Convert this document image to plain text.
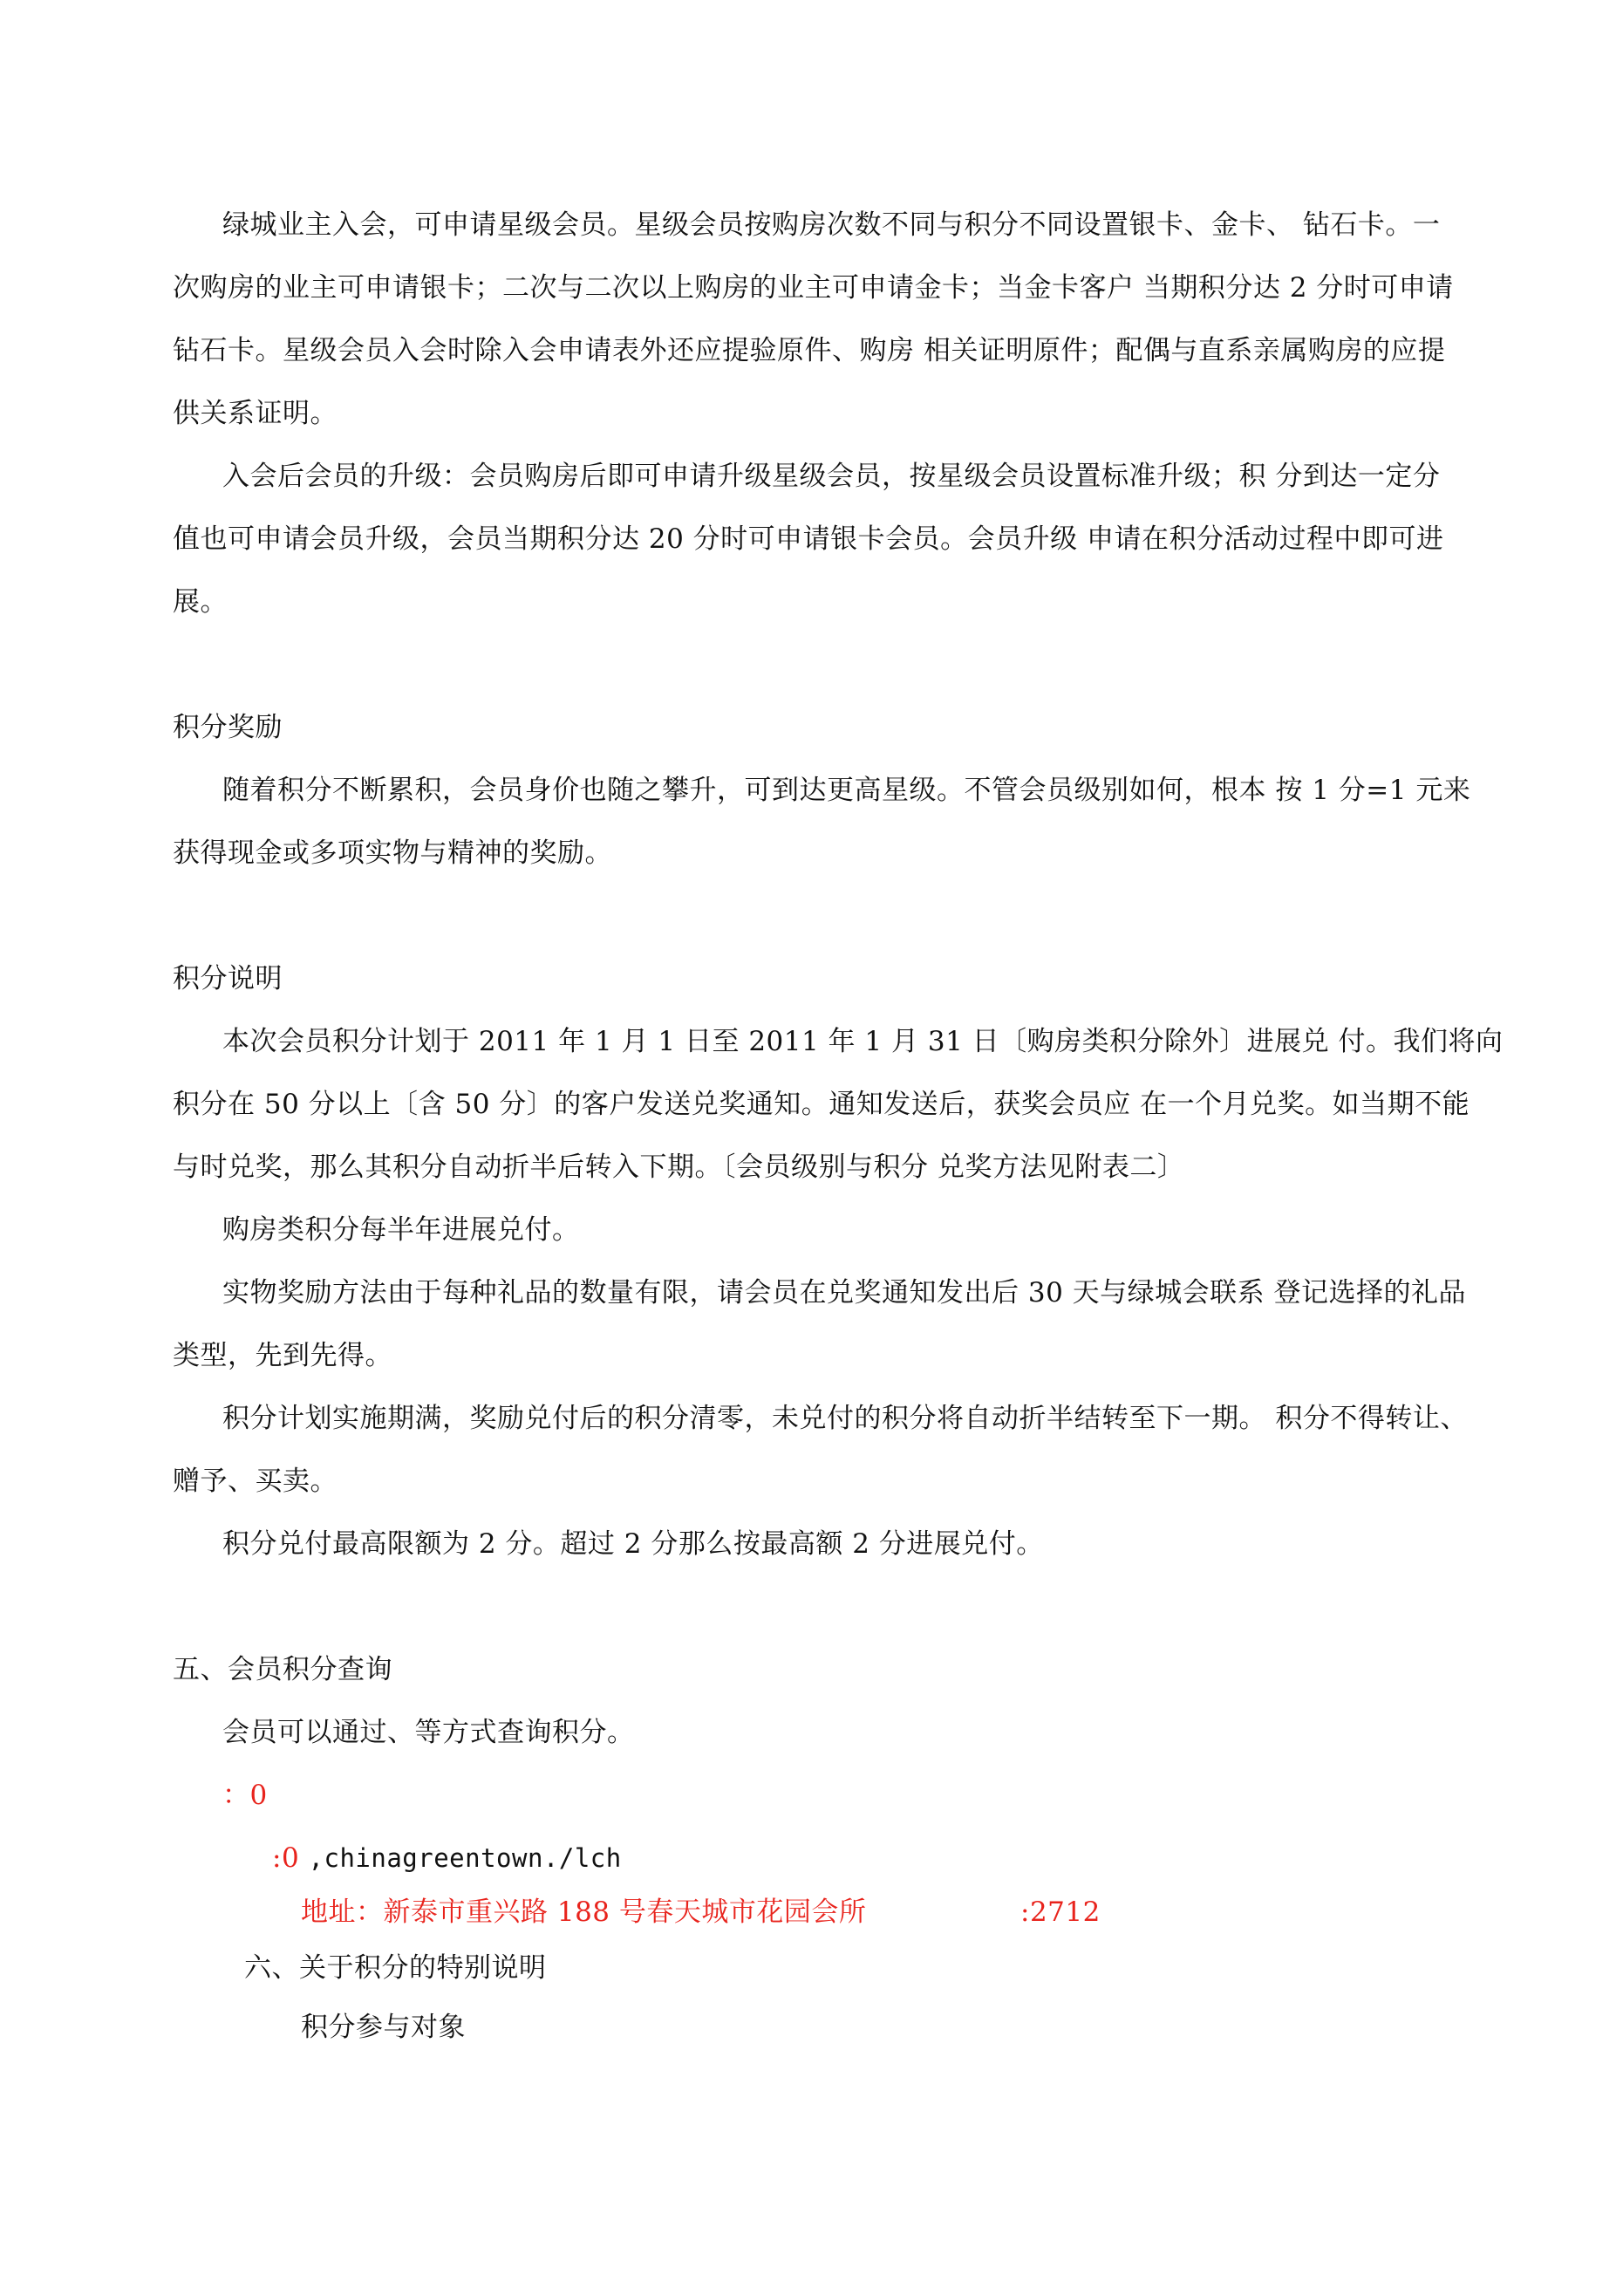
绿城业主入会，可申请星级会员。星级会员按购房次数不同与积分不同设置银卡、金卡、 钻石卡。一
次购房的业主可申请银卡；二次与二次以上购房的业主可申请金卡；当金卡客户 当期积分达 2 分时可申请
钻石卡。星级会员入会时除入会申请表外还应提验原件、购房 相关证明原件；配偶与直系亲属购房的应提
供关系证明。
入会后会员的升级：会员购房后即可申请升级星级会员，按星级会员设置标准升级；积 分到达一定分
值也可申请会员升级，会员当期积分达 20 分时可申请银卡会员。会员升级 申请在积分活动过程中即可进
展。
积分奖励
随着积分不断累积，会员身价也随之攀升，可到达更高星级。不管会员级别如何，根本 按 1 分=1 元来
获得现金或多项实物与精神的奖励。
积分说明
本次会员积分计划于 2011 年 1 月 1 日至 2011 年 1 月 31 日〔购房类积分除外〕进展兑 付。我们将向
积分在 50 分以上〔含 50 分〕的客户发送兑奖通知。通知发送后，获奖会员应 在一个月兑奖。如当期不能
与时兑奖，那么其积分自动折半后转入下期。〔会员级别与积分 兑奖方法见附表二〕
购房类积分每半年进展兑付。
实物奖励方法由于每种礼品的数量有限，请会员在兑奖通知发出后 30 天与绿城会联系 登记选择的礼品
类型，先到先得。
积分计划实施期满，奖励兑付后的积分清零，未兑付的积分将自动折半结转至下一期。 积分不得转让、
赠予、买卖。
积分兑付最高限额为 2 分。超过 2 分那么按最高额 2 分进展兑付。
五、会员积分查询
会员可以通过、等方式查询积分。
：0
:0 ,chinagreentown./lch
地址：新泰市重兴路 188 号春天城市花园会所	:2712
六、关于积分的特别说明
积分参与对象
